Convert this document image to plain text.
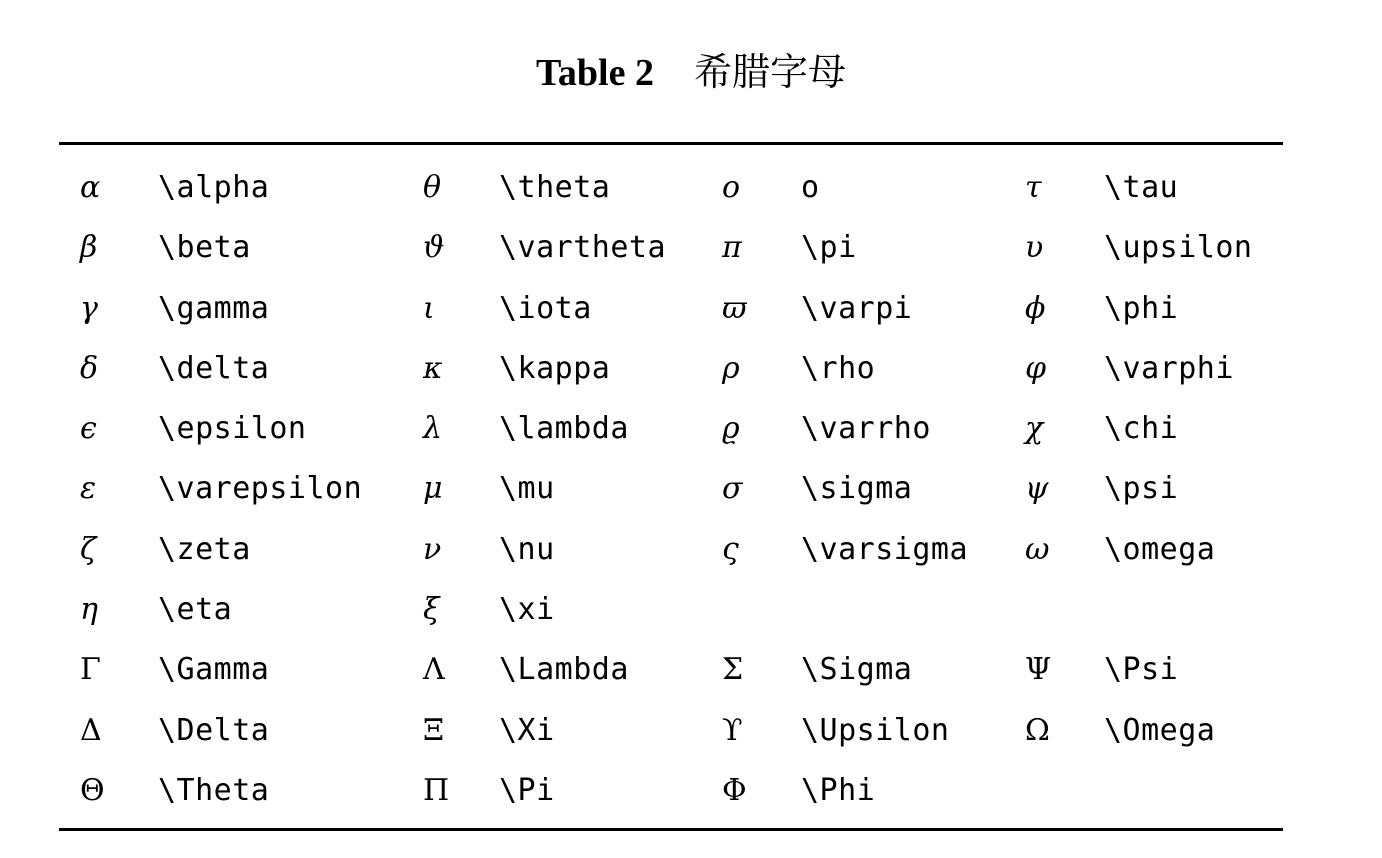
Table 2 希腊字母
α \alpha	θ \theta	o o	τ \tau
β \beta	ϑ \vartheta π \pi	υ \upsilon
γ \gamma	ι \iota	ϖ \varpi	ϕ \phi
δ \delta	κ \kappa	ρ \rho	φ \varphi
ϵ \epsilon	λ \lambda	ϱ \varrho	χ \chi
ε \varepsilon μ \mu	σ \sigma	ψ \psi
ζ \zeta	ν \nu	ς \varsigma ω \omega
η \eta	ξ \xi
Γ \Gamma	Λ \Lambda	Σ \Sigma	Ψ \Psi
Δ \Delta	Ξ \Xi	ϒ \Upsilon	Ω \Omega
Θ \Theta	Π \Pi	Φ \Phi
